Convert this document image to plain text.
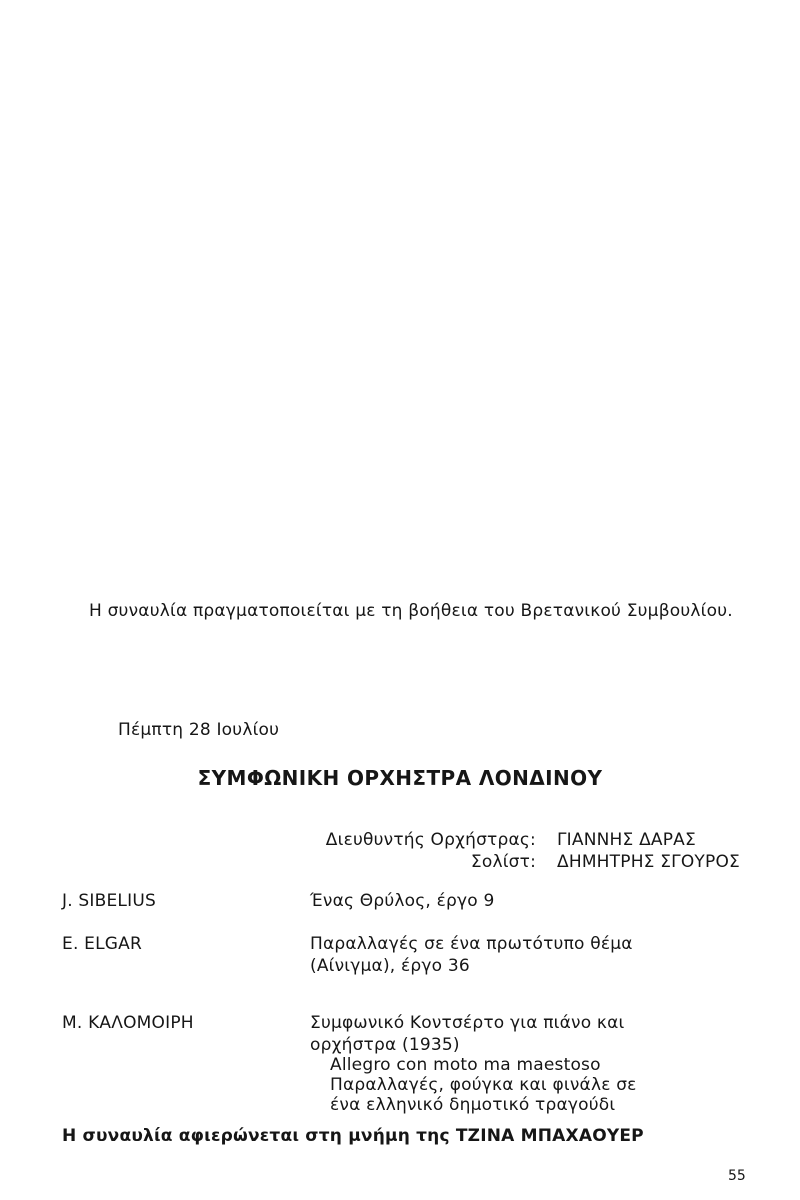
Η συναυλία πραγματοποιείται με τη βοήθεια του Βρετανικού Συμβουλίου.
Πέμπτη 28 Ιουλίου
ΣΥΜΦΩΝΙΚΗ ΟΡΧΗΣΤΡΑ ΛΟΝΔΙΝΟΥ
Διευθυντής Ορχήστρας: ΓΙΑΝΝΗΣ ΔΑΡΑΣ
Σολίστ: ΔΗΜΗΤΡΗΣ ΣΓΟΥΡΟΣ
J. SIBELIUS	Ένας Θρύλος, έργο 9
E. ELGAR	Παραλλαγές σε ένα πρωτότυπο θέμα
(Αίνιγμα), έργο 36
Μ. ΚΑΛΟΜΟΙΡΗ	Συμφωνικό Κοντσέρτο για πιάνο και
ορχήστρα (1935)
Allegro con moto ma maestoso
Παραλλαγές, φούγκα και φινάλε σε
ένα ελληνικό δημοτικό τραγούδι
Η συναυλία αφιερώνεται στη μνήμη της ΤΖΙΝΑ ΜΠΑΧΑΟΥΕΡ
55
